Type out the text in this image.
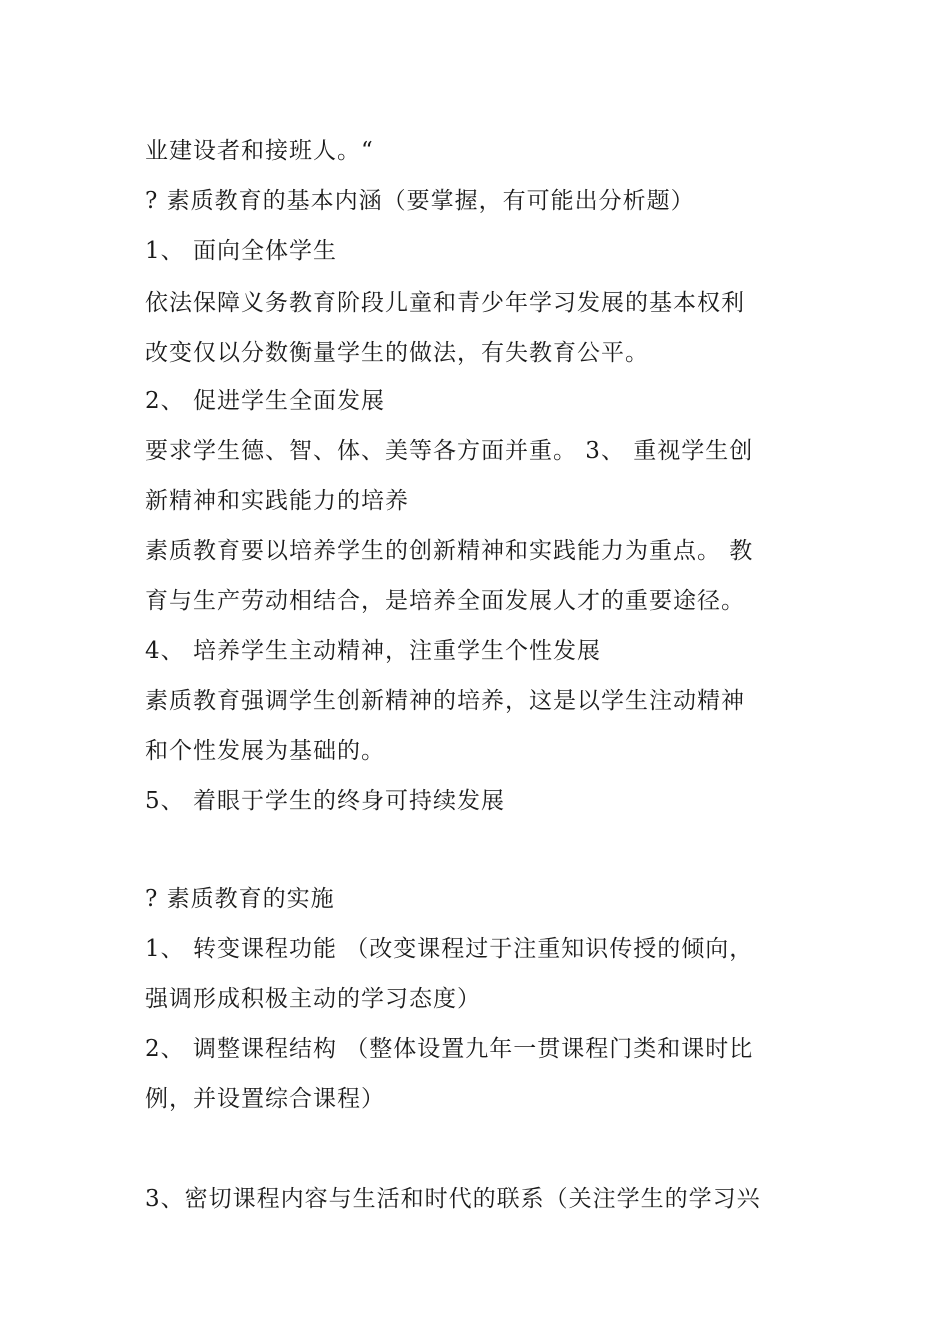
业建设者和接班人。“
? 素质教育的基本内涵（要掌握，有可能出分析题）
1、 面向全体学生
依法保障义务教育阶段儿童和青少年学习发展的基本权利
改变仅以分数衡量学生的做法，有失教育公平。
2、 促进学生全面发展
要求学生德、智、体、美等各方面并重。 3、 重视学生创
新精神和实践能力的培养
素质教育要以培养学生的创新精神和实践能力为重点。 教
育与生产劳动相结合，是培养全面发展人才的重要途径。
4、 培养学生主动精神，注重学生个性发展
素质教育强调学生创新精神的培养，这是以学生注动精神
和个性发展为基础的。
5、 着眼于学生的终身可持续发展
? 素质教育的实施
1、 转变课程功能 （改变课程过于注重知识传授的倾向，
强调形成积极主动的学习态度）
2、 调整课程结构 （整体设置九年一贯课程门类和课时比
例，并设置综合课程）
3、密切课程内容与生活和时代的联系（关注学生的学习兴
